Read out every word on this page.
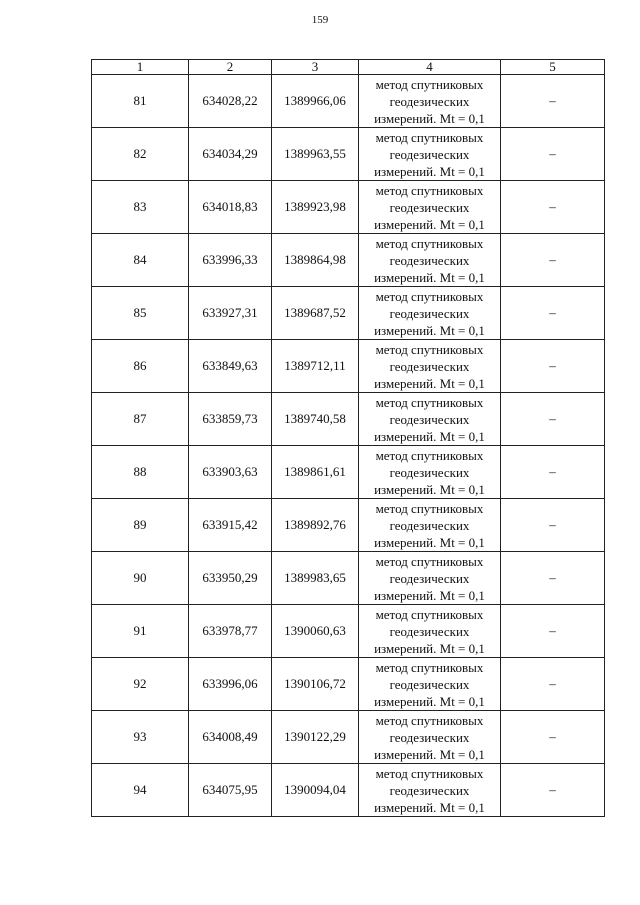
159
1	2	3	4	5
81	634028,22	1389966,06	метод спутниковых
геодезических
измерений. Mt = 0,1	–
82	634034,29	1389963,55	метод спутниковых
геодезических
измерений. Mt = 0,1	–
83	634018,83	1389923,98	метод спутниковых
геодезических
измерений. Mt = 0,1	–
84	633996,33	1389864,98	метод спутниковых
геодезических
измерений. Mt = 0,1	–
85	633927,31	1389687,52	метод спутниковых
геодезических
измерений. Mt = 0,1	–
86	633849,63	1389712,11	метод спутниковых
геодезических
измерений. Mt = 0,1	–
87	633859,73	1389740,58	метод спутниковых
геодезических
измерений. Mt = 0,1	–
88	633903,63	1389861,61	метод спутниковых
геодезических
измерений. Mt = 0,1	–
89	633915,42	1389892,76	метод спутниковых
геодезических
измерений. Mt = 0,1	–
90	633950,29	1389983,65	метод спутниковых
геодезических
измерений. Mt = 0,1	–
91	633978,77	1390060,63	метод спутниковых
геодезических
измерений. Mt = 0,1	–
92	633996,06	1390106,72	метод спутниковых
геодезических
измерений. Mt = 0,1	–
93	634008,49	1390122,29	метод спутниковых
геодезических
измерений. Mt = 0,1	–
94	634075,95	1390094,04	метод спутниковых
геодезических
измерений. Mt = 0,1	–
